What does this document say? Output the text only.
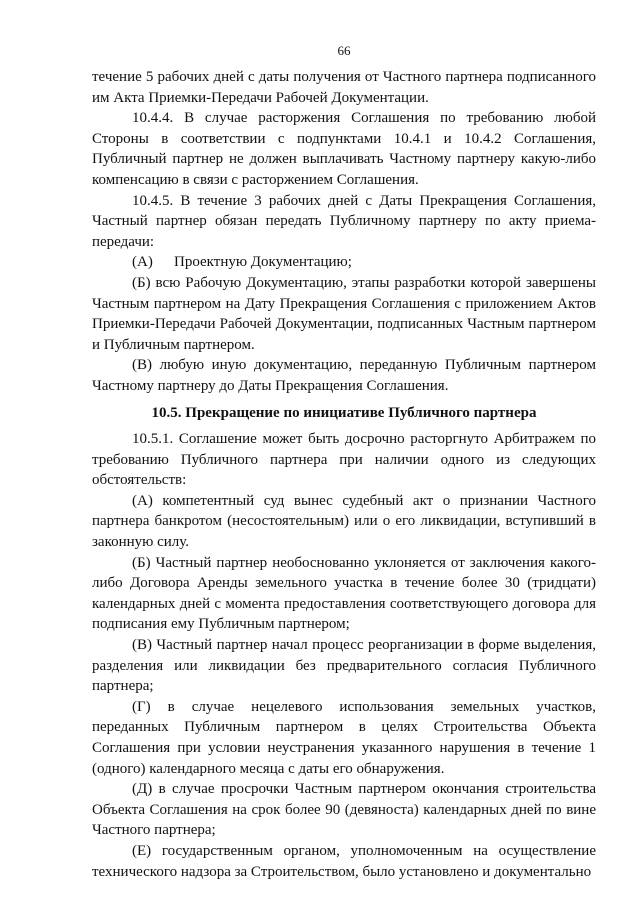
66

течение 5 рабочих дней с даты получения от Частного партнера подписанного им Акта Приемки-Передачи Рабочей Документации.

10.4.4. В случае расторжения Соглашения по требованию любой Стороны в соответствии с подпунктами 10.4.1 и 10.4.2 Соглашения, Публичный партнер не должен выплачивать Частному партнеру какую-либо компенсацию в связи с расторжением Соглашения.

10.4.5. В течение 3 рабочих дней с Даты Прекращения Соглашения, Частный партнер обязан передать Публичному партнеру по акту приема-передачи:

(А)	Проектную Документацию;

(Б) всю Рабочую Документацию, этапы разработки которой завершены Частным партнером на Дату Прекращения Соглашения с приложением Актов Приемки-Передачи Рабочей Документации, подписанных Частным партнером и Публичным партнером.

(В) любую иную документацию, переданную Публичным партнером Частному партнеру до Даты Прекращения Соглашения.

10.5. Прекращение по инициативе Публичного партнера

10.5.1. Соглашение может быть досрочно расторгнуто Арбитражем по требованию Публичного партнера при наличии одного из следующих обстоятельств:

(А) компетентный суд вынес судебный акт о признании Частного партнера банкротом (несостоятельным) или о его ликвидации, вступивший в законную силу.

(Б) Частный партнер необоснованно уклоняется от заключения какого-либо Договора Аренды земельного участка в течение более 30 (тридцати) календарных дней с момента предоставления соответствующего договора для подписания ему Публичным партнером;

(В) Частный партнер начал процесс реорганизации в форме выделения, разделения или ликвидации без предварительного согласия Публичного партнера;

(Г) в случае нецелевого использования земельных участков, переданных Публичным партнером в целях Строительства Объекта Соглашения при условии неустранения указанного нарушения в течение 1 (одного) календарного месяца с даты его обнаружения.

(Д) в случае просрочки Частным партнером окончания строительства Объекта Соглашения на срок более 90 (девяноста) календарных дней по вине Частного партнера;

(Е) государственным органом, уполномоченным на осуществление технического надзора за Строительством, было установлено и документально
